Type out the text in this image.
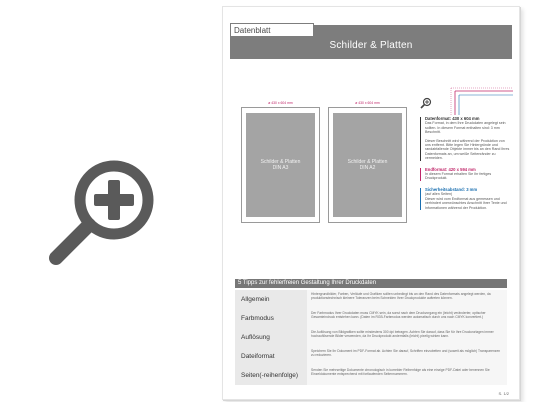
Datenblatt
Schilder & Platten
ø 430 x 604 mm
Schilder & Platten
DIN A3
ø 430 x 604 mm
Schilder & Platten
DIN A2
Datenformat: 430 x 604 mm
Das Format, in dem Ihre Druckdaten angelegt sein sollten. In diesem Format enthalten sind: 3 mm Beschnitt.
Dieser Beschnitt wird während der Produktion von uns entfernt. Bitte legen Sie Hintergründe und randabfallende Objekte immer bis an den Rand Ihres Datenformats an, um weiße Seitenränder zu vermeiden.
Endformat: 420 x 594 mm
In diesem Format erhalten Sie Ihr fertiges Druckprodukt.
Sicherheitsabstand: 3 mm
(auf allen Seiten)
Dieser wird vom Endformat aus gemessen und verhindert unerwünschtes Anschnitt Ihrer Texte und Informationen während der Produktion.
5 Tipps zur fehlerfreien Gestaltung Ihrer Druckdaten
Allgemein
Hintergrundbilder, Farben, Verläufe und Grafiken sollten unbedingt bis an den Rand des Datenformats angelegt werden, da produktionstechnisch kleinere Toleranzen beim Schneiden Ihrer Druckprodukte auftreten können.
Farbmodus
Der Farbmodus Ihrer Druckdaten muss CMYK sein, da sonst nach dem Druckvorgang ein (leicht) veränderter, optischer Gesamteindruck entstehen kann. (Daten im RGB-Farbmodus werden automatisch durch uns nach CMYK konvertiert.)
Auflösung
Die Auflösung von Bildgrafiken sollte mindestens 300 dpi betragen. Achten Sie darauf, dass Sie für Ihre Druckvorlagen immer hochauflösende Bilder verwenden, da Ihr Druckprodukt andernfalls (leicht) pixelig wirken kann.
Dateiformat
Speichern Sie Ihr Dokument im PDF-Format ab. Achten Sie darauf, Schriften einzubetten und (soweit als möglich) Transparenzen zu reduzieren.
Seiten(-reihenfolge)
Senden Sie mehrseitige Dokumente chronologisch in korrekter Reihenfolge als eine einzige PDF-Datei oder benennen Sie Einzeldokumente entsprechend mit fortlaufenden Seitennummern.
S. 1/2
